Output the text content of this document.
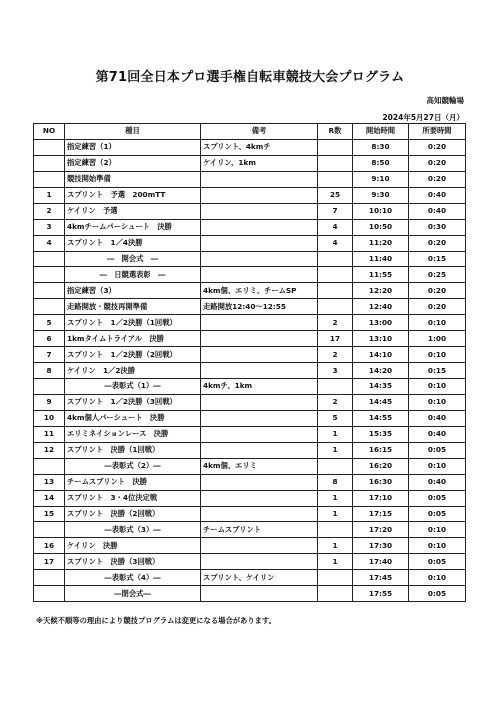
第71回全日本プロ選手権自転車競技大会プログラム
高知競輪場
2024年5月27日（月）
NO	種目	備考	R数	開始時間	所要時間
	指定練習（1）	スプリント、4kmチ		8:30	0:20
	指定練習（2）	ケイリン、1km		8:50	0:20
	競技開始準備			9:10	0:20
1	スプリント　予選　200mTT		25	9:30	0:40
2	ケイリン　予選		7	10:10	0:40
3	4kmチームパーシュート　決勝		4	10:50	0:30
4	スプリント　1／4決勝		4	11:20	0:20
	―　開会式　―			11:40	0:15
	―　日競選表彰　―			11:55	0:25
	指定練習（3）	4km個、エリミ、チームSP		12:20	0:20
	走路開放・競技再開準備	走路開放12:40～12:55		12:40	0:20
5	スプリント　1／2決勝（1回戦）		2	13:00	0:10
6	1kmタイムトライアル　決勝		17	13:10	1:00
7	スプリント　1／2決勝（2回戦）		2	14:10	0:10
8	ケイリン　1／2決勝		3	14:20	0:15
	―表彰式（1）―	4kmチ、1km		14:35	0:10
9	スプリント　1／2決勝（3回戦）		2	14:45	0:10
10	4km個人パーシュート　決勝		5	14:55	0:40
11	エリミネイションレース　決勝		1	15:35	0:40
12	スプリント　決勝（1回戦）		1	16:15	0:05
	―表彰式（2）―	4km個、エリミ		16:20	0:10
13	チームスプリント　決勝		8	16:30	0:40
14	スプリント　3・4位決定戦		1	17:10	0:05
15	スプリント　決勝（2回戦）		1	17:15	0:05
	―表彰式（3）―	チームスプリント		17:20	0:10
16	ケイリン　決勝		1	17:30	0:10
17	スプリント　決勝（3回戦）		1	17:40	0:05
	―表彰式（4）―	スプリント、ケイリン		17:45	0:10
	―閉会式―			17:55	0:05
※天候不順等の理由により競技プログラムは変更になる場合があります。
